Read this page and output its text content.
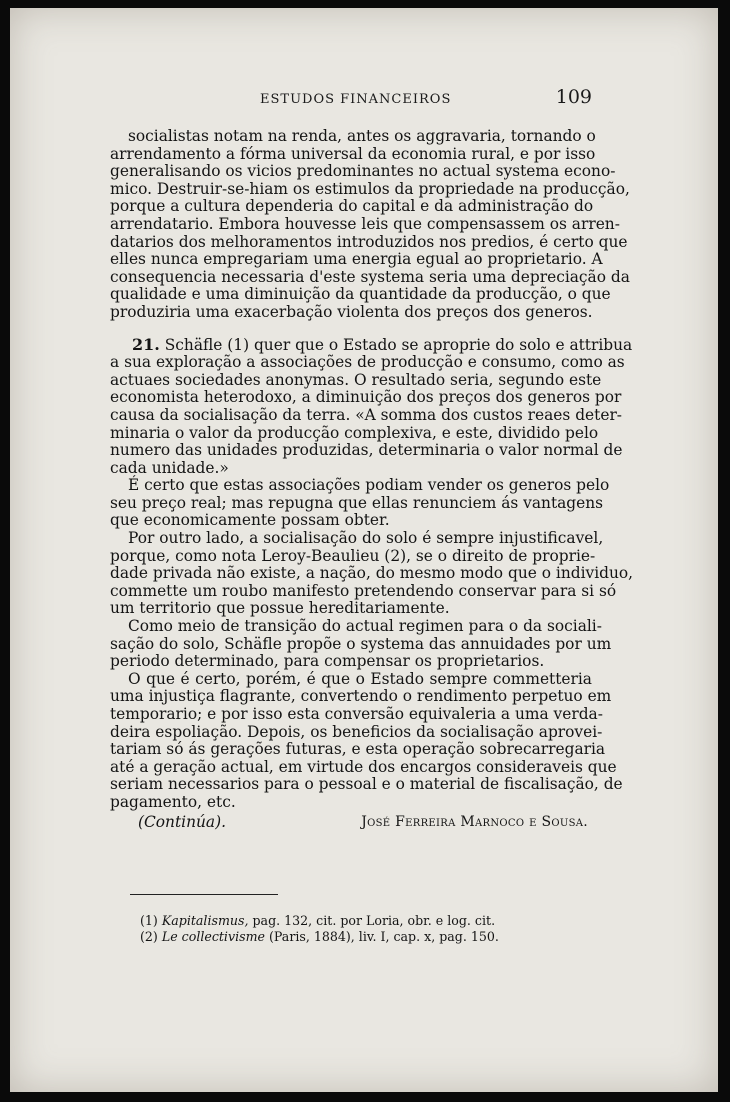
ESTUDOS FINANCEIROS	109
socialistas notam na renda, antes os aggravaria, tornando o
arrendamento a fórma universal da economia rural, e por isso
generalisando os vicios predominantes no actual systema econo-
mico. Destruir-se-hiam os estimulos da propriedade na producção,
porque a cultura dependeria do capital e da administração do
arrendatario. Embora houvesse leis que compensassem os arren-
datarios dos melhoramentos introduzidos nos predios, é certo que
elles nunca empregariam uma energia egual ao proprietario. A
consequencia necessaria d'este systema seria uma depreciação da
qualidade e uma diminuição da quantidade da producção, o que
produziria uma exacerbação violenta dos preços dos generos.
21. Schäfle (1) quer que o Estado se aproprie do solo e attribua
a sua exploração a associações de producção e consumo, como as
actuaes sociedades anonymas. O resultado seria, segundo este
economista heterodoxo, a diminuição dos preços dos generos por
causa da socialisação da terra. «A somma dos custos reaes deter-
minaria o valor da producção complexiva, e este, dividido pelo
numero das unidades produzidas, determinaria o valor normal de
cada unidade.»
É certo que estas associações podiam vender os generos pelo
seu preço real; mas repugna que ellas renunciem ás vantagens
que economicamente possam obter.
Por outro lado, a socialisação do solo é sempre injustificavel,
porque, como nota Leroy-Beaulieu (2), se o direito de proprie-
dade privada não existe, a nação, do mesmo modo que o individuo,
commette um roubo manifesto pretendendo conservar para si só
um territorio que possue hereditariamente.
Como meio de transição do actual regimen para o da sociali-
sação do solo, Schäfle propõe o systema das annuidades por um
periodo determinado, para compensar os proprietarios.
O que é certo, porém, é que o Estado sempre commetteria
uma injustiça flagrante, convertendo o rendimento perpetuo em
temporario; e por isso esta conversão equivaleria a uma verda-
deira espoliação. Depois, os beneficios da socialisação aprovei-
tariam só ás gerações futuras, e esta operação sobrecarregaria
até a geração actual, em virtude dos encargos consideraveis que
seriam necessarios para o pessoal e o material de fiscalisação, de
pagamento, etc.
(Continúa).	José Ferreira Marnoco e Sousa.
(1) Kapitalismus, pag. 132, cit. por Loria, obr. e log. cit.
(2) Le collectivisme (Paris, 1884), liv. I, cap. x, pag. 150.
